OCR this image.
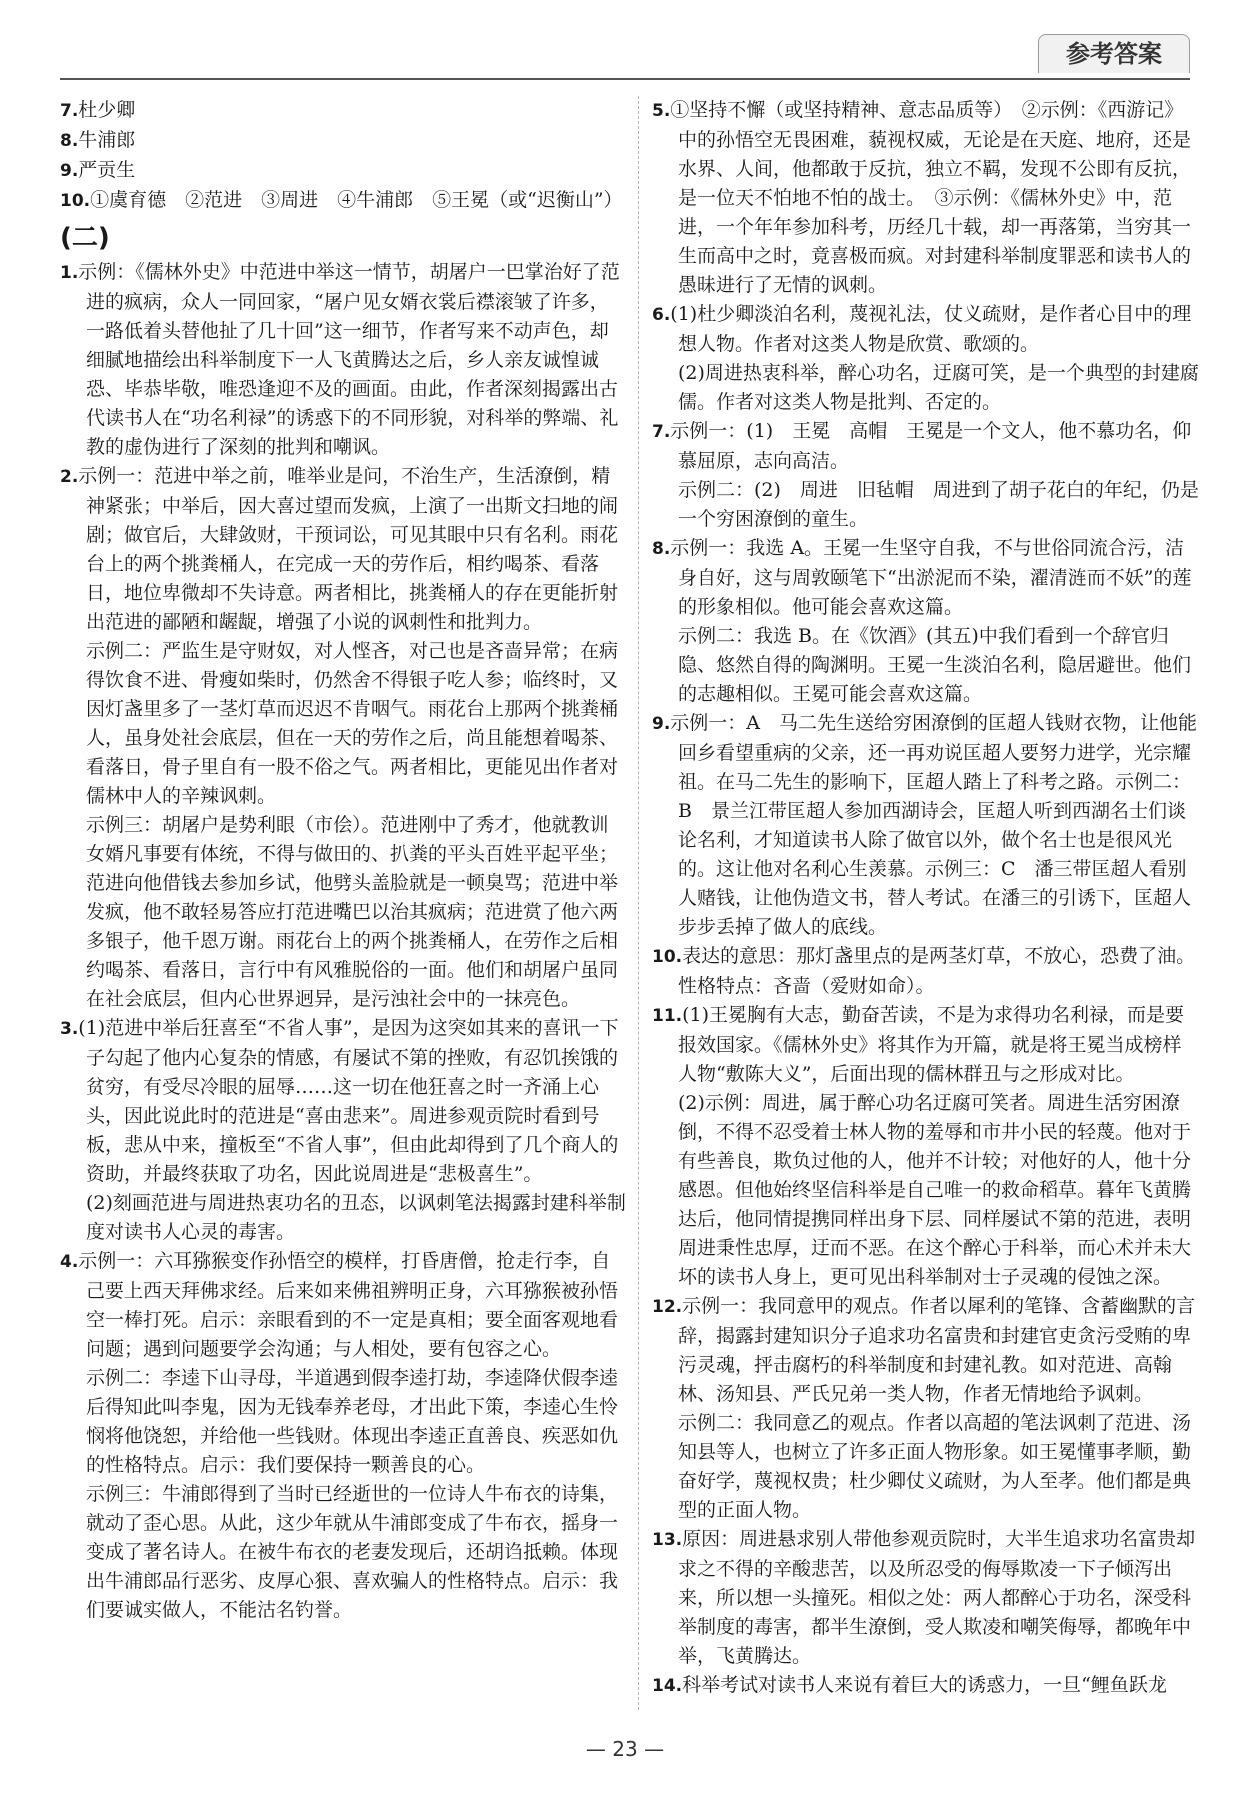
参考答案

7.杜少卿

8.牛浦郎

9.严贡生

10.①虞育德　②范进　③周进　④牛浦郎　⑤王冕（或“迟衡山”）

(二)

1.示例：《儒林外史》中范进中举这一情节，胡屠户一巴掌治好了范进的疯病，众人一同回家，“屠户见女婿衣裳后襟滚皱了许多，一路低着头替他扯了几十回”这一细节，作者写来不动声色，却细腻地描绘出科举制度下一人飞黄腾达之后，乡人亲友诚惶诚恐、毕恭毕敬，唯恐逢迎不及的画面。由此，作者深刻揭露出古代读书人在“功名利禄”的诱惑下的不同形貌，对科举的弊端、礼教的虚伪进行了深刻的批判和嘲讽。

2.示例一：范进中举之前，唯举业是问，不治生产，生活潦倒，精神紧张；中举后，因大喜过望而发疯，上演了一出斯文扫地的闹剧；做官后，大肆敛财，干预词讼，可见其眼中只有名利。雨花台上的两个挑粪桶人，在完成一天的劳作后，相约喝茶、看落日，地位卑微却不失诗意。两者相比，挑粪桶人的存在更能折射出范进的鄙陋和龌龊，增强了小说的讽刺性和批判力。

示例二：严监生是守财奴，对人悭吝，对己也是吝啬异常；在病得饮食不进、骨瘦如柴时，仍然舍不得银子吃人参；临终时，又因灯盏里多了一茎灯草而迟迟不肯咽气。雨花台上那两个挑粪桶人，虽身处社会底层，但在一天的劳作之后，尚且能想着喝茶、看落日，骨子里自有一股不俗之气。两者相比，更能见出作者对儒林中人的辛辣讽刺。

示例三：胡屠户是势利眼（市侩）。范进刚中了秀才，他就教训女婿凡事要有体统，不得与做田的、扒粪的平头百姓平起平坐；范进向他借钱去参加乡试，他劈头盖脸就是一顿臭骂；范进中举发疯，他不敢轻易答应打范进嘴巴以治其疯病；范进赏了他六两多银子，他千恩万谢。雨花台上的两个挑粪桶人，在劳作之后相约喝茶、看落日，言行中有风雅脱俗的一面。他们和胡屠户虽同在社会底层，但内心世界迥异，是污浊社会中的一抹亮色。

3.(1)范进中举后狂喜至“不省人事”，是因为这突如其来的喜讯一下子勾起了他内心复杂的情感，有屡试不第的挫败，有忍饥挨饿的贫穷，有受尽冷眼的屈辱……这一切在他狂喜之时一齐涌上心头，因此说此时的范进是“喜由悲来”。周进参观贡院时看到号板，悲从中来，撞板至“不省人事”，但由此却得到了几个商人的资助，并最终获取了功名，因此说周进是“悲极喜生”。

(2)刻画范进与周进热衷功名的丑态，以讽刺笔法揭露封建科举制度对读书人心灵的毒害。

4.示例一：六耳猕猴变作孙悟空的模样，打昏唐僧，抢走行李，自己要上西天拜佛求经。后来如来佛祖辨明正身，六耳猕猴被孙悟空一棒打死。启示：亲眼看到的不一定是真相；要全面客观地看问题；遇到问题要学会沟通；与人相处，要有包容之心。

示例二：李逵下山寻母，半道遇到假李逵打劫，李逵降伏假李逵后得知此叫李鬼，因为无钱奉养老母，才出此下策，李逵心生怜悯将他饶恕，并给他一些钱财。体现出李逵正直善良、疾恶如仇的性格特点。启示：我们要保持一颗善良的心。

示例三：牛浦郎得到了当时已经逝世的一位诗人牛布衣的诗集，就动了歪心思。从此，这少年就从牛浦郎变成了牛布衣，摇身一变成了著名诗人。在被牛布衣的老妻发现后，还胡诌抵赖。体现出牛浦郎品行恶劣、皮厚心狠、喜欢骗人的性格特点。启示：我们要诚实做人，不能沽名钓誉。

5.①坚持不懈（或坚持精神、意志品质等）　②示例：《西游记》中的孙悟空无畏困难，藐视权威，无论是在天庭、地府，还是水界、人间，他都敢于反抗，独立不羁，发现不公即有反抗，是一位天不怕地不怕的战士。　③示例：《儒林外史》中，范进，一个年年参加科考，历经几十载，却一再落第，当穷其一生而高中之时，竟喜极而疯。对封建科举制度罪恶和读书人的愚昧进行了无情的讽刺。

6.(1)杜少卿淡泊名利，蔑视礼法，仗义疏财，是作者心目中的理想人物。作者对这类人物是欣赏、歌颂的。

(2)周进热衷科举，醉心功名，迂腐可笑，是一个典型的封建腐儒。作者对这类人物是批判、否定的。

7.示例一：(1)　王冕　高帽　王冕是一个文人，他不慕功名，仰慕屈原，志向高洁。

示例二：(2)　周进　旧毡帽　周进到了胡子花白的年纪，仍是一个穷困潦倒的童生。

8.示例一：我选 A。王冕一生坚守自我，不与世俗同流合污，洁身自好，这与周敦颐笔下“出淤泥而不染，濯清涟而不妖”的莲的形象相似。他可能会喜欢这篇。

示例二：我选 B。在《饮酒》(其五)中我们看到一个辞官归隐、悠然自得的陶渊明。王冕一生淡泊名利，隐居避世。他们的志趣相似。王冕可能会喜欢这篇。

9.示例一：A　马二先生送给穷困潦倒的匡超人钱财衣物，让他能回乡看望重病的父亲，还一再劝说匡超人要努力进学，光宗耀祖。在马二先生的影响下，匡超人踏上了科考之路。示例二：B　景兰江带匡超人参加西湖诗会，匡超人听到西湖名士们谈论名利，才知道读书人除了做官以外，做个名士也是很风光的。这让他对名利心生羡慕。示例三：C　潘三带匡超人看别人赌钱，让他伪造文书，替人考试。在潘三的引诱下，匡超人步步丢掉了做人的底线。

10.表达的意思：那灯盏里点的是两茎灯草，不放心，恐费了油。性格特点：吝啬（爱财如命）。

11.(1)王冕胸有大志，勤奋苦读，不是为求得功名利禄，而是要报效国家。《儒林外史》将其作为开篇，就是将王冕当成榜样人物“敷陈大义”，后面出现的儒林群丑与之形成对比。

(2)示例：周进，属于醉心功名迂腐可笑者。周进生活穷困潦倒，不得不忍受着士林人物的羞辱和市井小民的轻蔑。他对于有些善良，欺负过他的人，他并不计较；对他好的人，他十分感恩。但他始终坚信科举是自己唯一的救命稻草。暮年飞黄腾达后，他同情提携同样出身下层、同样屡试不第的范进，表明周进秉性忠厚，迂而不恶。在这个醉心于科举，而心术并未大坏的读书人身上，更可见出科举制对士子灵魂的侵蚀之深。

12.示例一：我同意甲的观点。作者以犀利的笔锋、含蓄幽默的言辞，揭露封建知识分子追求功名富贵和封建官吏贪污受贿的卑污灵魂，抨击腐朽的科举制度和封建礼教。如对范进、高翰林、汤知县、严氏兄弟一类人物，作者无情地给予讽刺。

示例二：我同意乙的观点。作者以高超的笔法讽刺了范进、汤知县等人，也树立了许多正面人物形象。如王冕懂事孝顺，勤奋好学，蔑视权贵；杜少卿仗义疏财，为人至孝。他们都是典型的正面人物。

13.原因：周进悬求别人带他参观贡院时，大半生追求功名富贵却求之不得的辛酸悲苦，以及所忍受的侮辱欺凌一下子倾泻出来，所以想一头撞死。相似之处：两人都醉心于功名，深受科举制度的毒害，都半生潦倒，受人欺凌和嘲笑侮辱，都晚年中举，飞黄腾达。

14.科举考试对读书人来说有着巨大的诱惑力，一旦“鲤鱼跃龙

— 23 —
